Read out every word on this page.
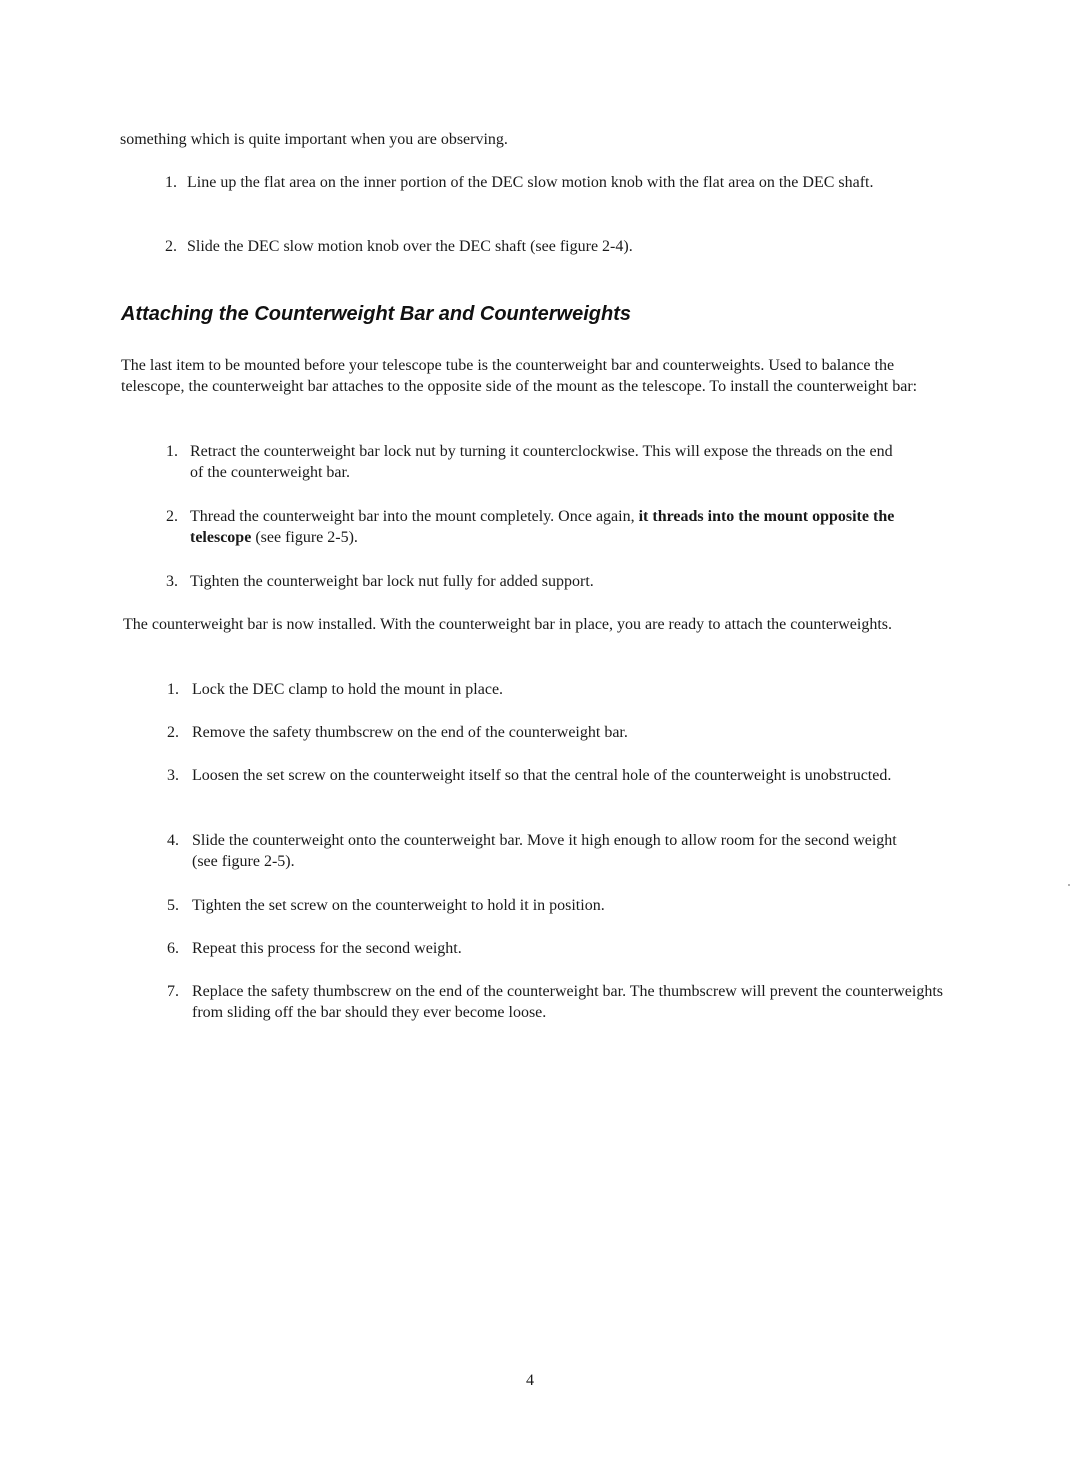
something which is quite important when you are observing.

1. Line up the flat area on the inner portion of the DEC slow motion knob with the flat area on the DEC shaft.
2. Slide the DEC slow motion knob over the DEC shaft (see figure 2-4).
Attaching the Counterweight Bar and Counterweights

The last item to be mounted before your telescope tube is the counterweight bar and counterweights. Used to balance the telescope, the counterweight bar attaches to the opposite side of the mount as the telescope. To install the counterweight bar:

1. Retract the counterweight bar lock nut by turning it counterclockwise. This will expose the threads on the end of the counterweight bar.
2. Thread the counterweight bar into the mount completely. Once again, it threads into the mount opposite the telescope (see figure 2-5).
3. Tighten the counterweight bar lock nut fully for added support.

The counterweight bar is now installed. With the counterweight bar in place, you are ready to attach the counterweights.

1. Lock the DEC clamp to hold the mount in place.
2. Remove the safety thumbscrew on the end of the counterweight bar.
3. Loosen the set screw on the counterweight itself so that the central hole of the counterweight is unobstructed.
4. Slide the counterweight onto the counterweight bar. Move it high enough to allow room for the second weight (see figure 2-5).
5. Tighten the set screw on the counterweight to hold it in position.
6. Repeat this process for the second weight.
7. Replace the safety thumbscrew on the end of the counterweight bar. The thumbscrew will prevent the counterweights from sliding off the bar should they ever become loose.
4
